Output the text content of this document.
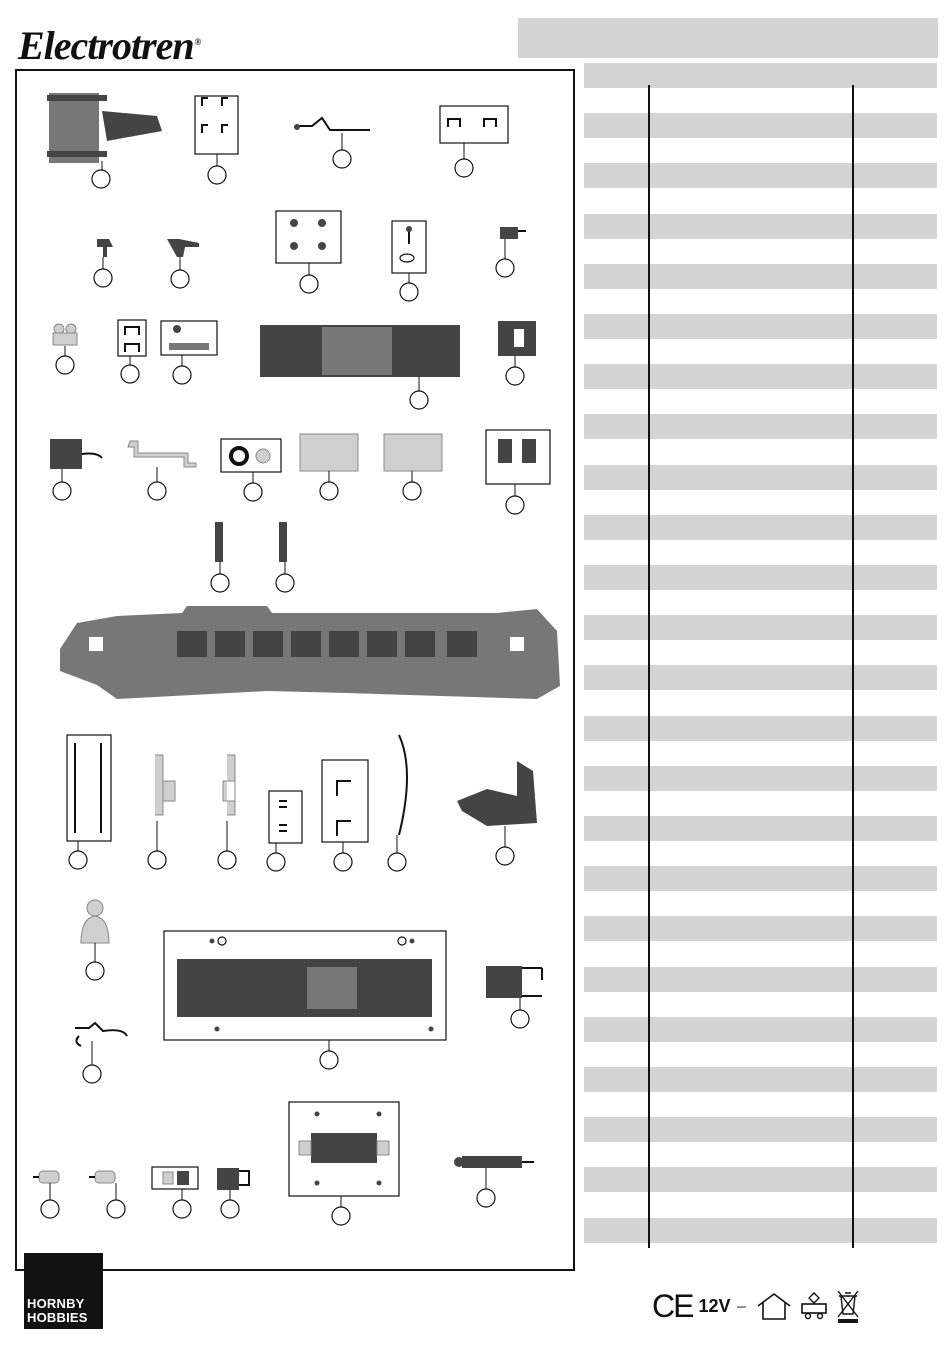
Electrotren®
HORNBY
HOBBIES	CE 12V ---
